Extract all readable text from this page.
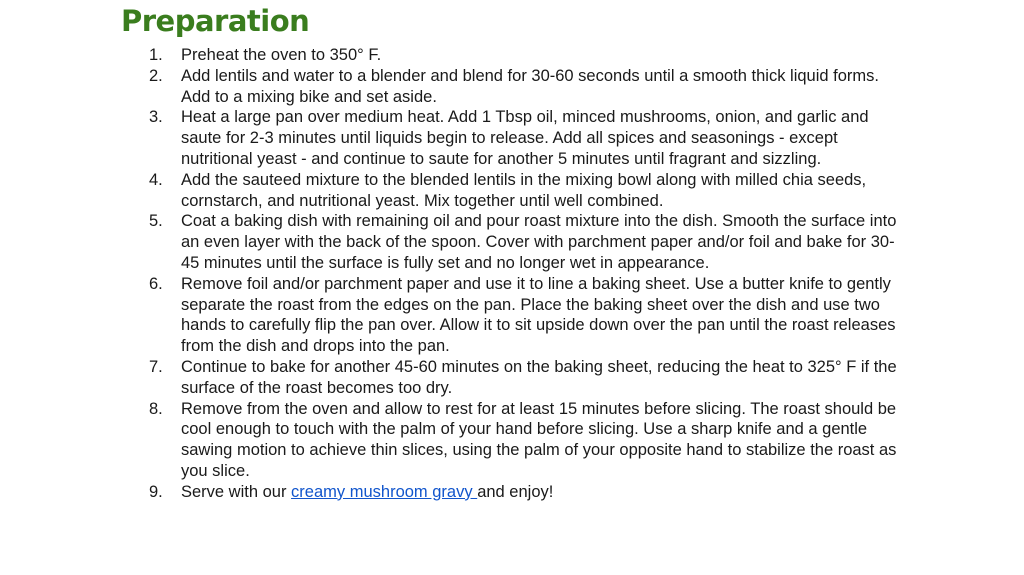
Preparation
1.	Preheat the oven to 350° F.
2.	Add lentils and water to a blender and blend for 30-60 seconds until a smooth thick liquid forms. Add to a mixing bike and set aside.
3.	Heat a large pan over medium heat. Add 1 Tbsp oil, minced mushrooms, onion, and garlic and saute for 2-3 minutes until liquids begin to release. Add all spices and seasonings - except nutritional yeast - and continue to saute for another 5 minutes until fragrant and sizzling.
4.	Add the sauteed mixture to the blended lentils in the mixing bowl along with milled chia seeds, cornstarch, and nutritional yeast. Mix together until well combined.
5.	Coat a baking dish with remaining oil and pour roast mixture into the dish. Smooth the surface into an even layer with the back of the spoon. Cover with parchment paper and/or foil and bake for 30-45 minutes until the surface is fully set and no longer wet in appearance.
6.	Remove foil and/or parchment paper and use it to line a baking sheet. Use a butter knife to gently separate the roast from the edges on the pan. Place the baking sheet over the dish and use two hands to carefully flip the pan over. Allow it to sit upside down over the pan until the roast releases from the dish and drops into the pan.
7.	Continue to bake for another 45-60 minutes on the baking sheet, reducing the heat to 325° F if the surface of the roast becomes too dry.
8.	Remove from the oven and allow to rest for at least 15 minutes before slicing. The roast should be cool enough to touch with the palm of your hand before slicing. Use a sharp knife and a gentle sawing motion to achieve thin slices, using the palm of your opposite hand to stabilize the roast as you slice.
9.	Serve with our creamy mushroom gravy and enjoy!
